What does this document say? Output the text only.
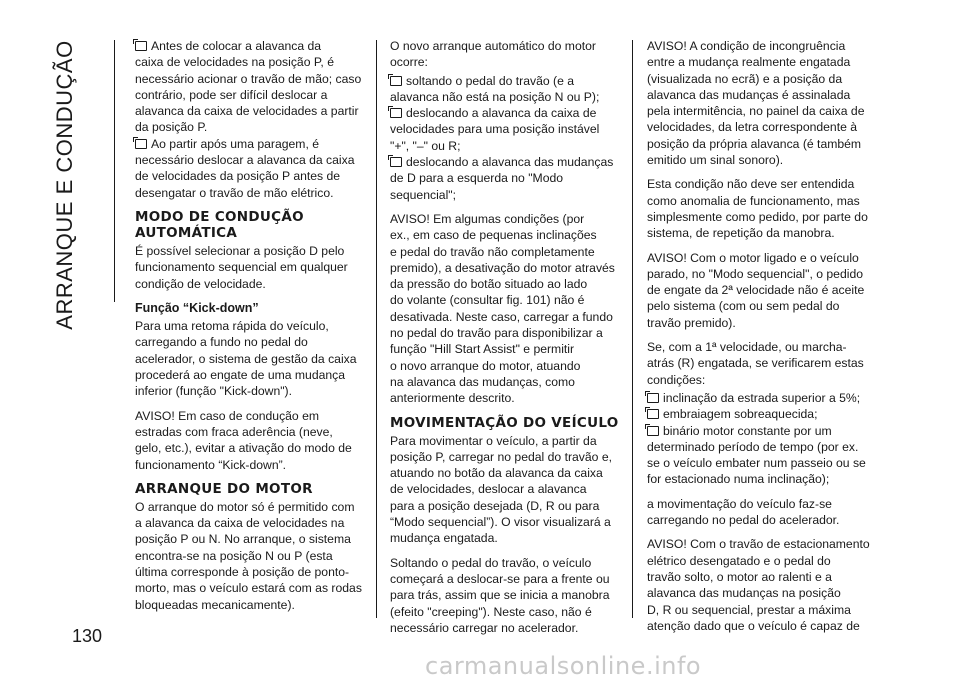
ARRANQUE E CONDUÇÃO
130

Antes de colocar a alavanca da
caixa de velocidades na posição P, é
necessário acionar o travão de mão; caso
contrário, pode ser difícil deslocar a
alavanca da caixa de velocidades a partir
da posição P.

Ao partir após uma paragem, é
necessário deslocar a alavanca da caixa
de velocidades da posição P antes de
desengatar o travão de mão elétrico.

MODO DE CONDUÇÃO
AUTOMÁTICA

É possível selecionar a posição D pelo
funcionamento sequencial em qualquer
condição de velocidade.

Função “Kick-down”

Para uma retoma rápida do veículo,
carregando a fundo no pedal do
acelerador, o sistema de gestão da caixa
procederá ao engate de uma mudança
inferior (função "Kick-down").

AVISO! Em caso de condução em
estradas com fraca aderência (neve,
gelo, etc.), evitar a ativação do modo de
funcionamento “Kick-down”.

ARRANQUE DO MOTOR

O arranque do motor só é permitido com
a alavanca da caixa de velocidades na
posição P ou N. No arranque, o sistema
encontra-se na posição N ou P (esta
última corresponde à posição de ponto-
morto, mas o veículo estará com as rodas
bloqueadas mecanicamente).

O novo arranque automático do motor
ocorre:

soltando o pedal do travão (e a
alavanca não está na posição N ou P);

deslocando a alavanca da caixa de
velocidades para uma posição instável
"+", "–" ou R;

deslocando a alavanca das mudanças
de D para a esquerda no "Modo
sequencial";

AVISO! Em algumas condições (por
ex., em caso de pequenas inclinações
e pedal do travão não completamente
premido), a desativação do motor através
da pressão do botão situado ao lado
do volante (consultar fig. 101) não é
desativada. Neste caso, carregar a fundo
no pedal do travão para disponibilizar a
função "Hill Start Assist" e permitir
o novo arranque do motor, atuando
na alavanca das mudanças, como
anteriormente descrito.

MOVIMENTAÇÃO DO VEÍCULO

Para movimentar o veículo, a partir da
posição P, carregar no pedal do travão e,
atuando no botão da alavanca da caixa
de velocidades, deslocar a alavanca
para a posição desejada (D, R ou para
“Modo sequencial”). O visor visualizará a
mudança engatada.

Soltando o pedal do travão, o veículo
começará a deslocar-se para a frente ou
para trás, assim que se inicia a manobra
(efeito "creeping"). Neste caso, não é
necessário carregar no acelerador.

AVISO! A condição de incongruência
entre a mudança realmente engatada
(visualizada no ecrã) e a posição da
alavanca das mudanças é assinalada
pela intermitência, no painel da caixa de
velocidades, da letra correspondente à
posição da própria alavanca (é também
emitido um sinal sonoro).

Esta condição não deve ser entendida
como anomalia de funcionamento, mas
simplesmente como pedido, por parte do
sistema, de repetição da manobra.

AVISO! Com o motor ligado e o veículo
parado, no "Modo sequencial", o pedido
de engate da 2ª velocidade não é aceite
pelo sistema (com ou sem pedal do
travão premido).

Se, com a 1ª velocidade, ou marcha-
atrás (R) engatada, se verificarem estas
condições:

inclinação da estrada superior a 5%;

embraiagem sobreaquecida;

binário motor constante por um
determinado período de tempo (por ex.
se o veículo embater num passeio ou se
for estacionado numa inclinação);

a movimentação do veículo faz-se
carregando no pedal do acelerador.

AVISO! Com o travão de estacionamento
elétrico desengatado e o pedal do
travão solto, o motor ao ralenti e a
alavanca das mudanças na posição
D, R ou sequencial, prestar a máxima
atenção dado que o veículo é capaz de

carmanualsonline.info
